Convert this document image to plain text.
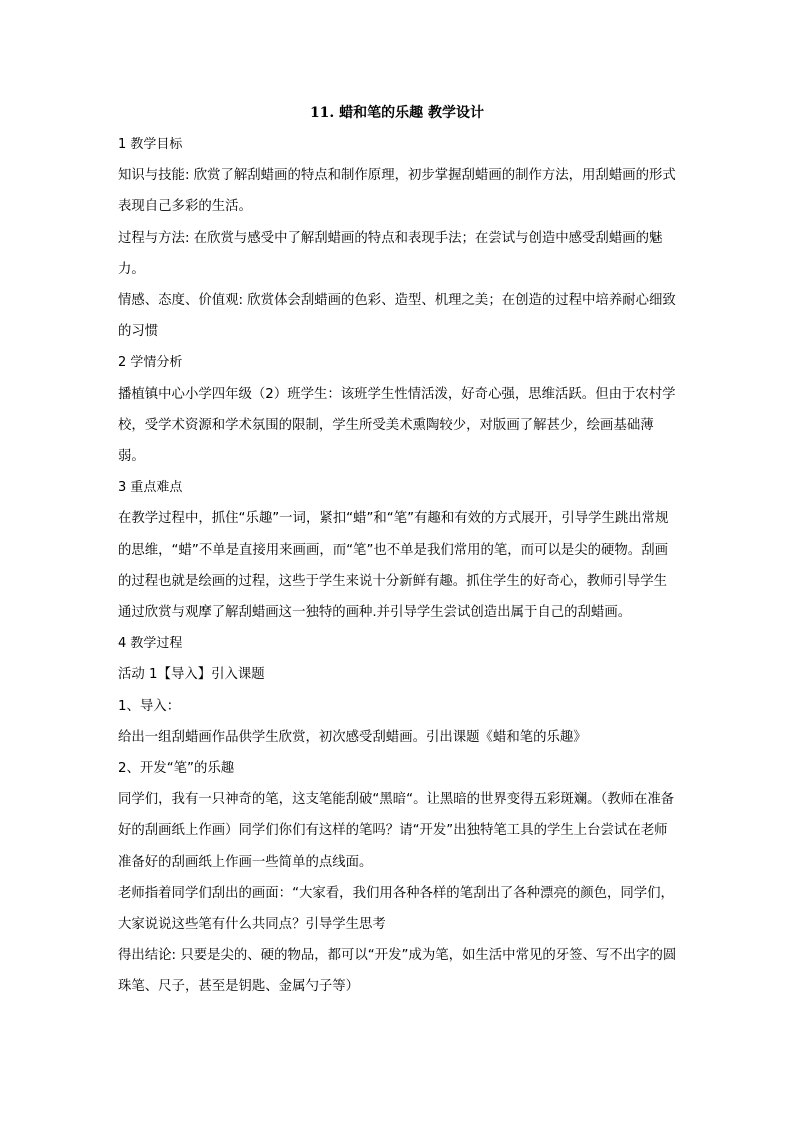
11. 蜡和笔的乐趣 教学设计

1 教学目标

知识与技能: 欣赏了解刮蜡画的特点和制作原理，初步掌握刮蜡画的制作方法，用刮蜡画的形式表现自己多彩的生活。

过程与方法: 在欣赏与感受中了解刮蜡画的特点和表现手法；在尝试与创造中感受刮蜡画的魅力。

情感、态度、价值观: 欣赏体会刮蜡画的色彩、造型、机理之美；在创造的过程中培养耐心细致的习惯

2 学情分析

播植镇中心小学四年级（2）班学生：该班学生性情活泼，好奇心强，思维活跃。但由于农村学校，受学术资源和学术氛围的限制，学生所受美术熏陶较少，对版画了解甚少，绘画基础薄弱。

3 重点难点

在教学过程中，抓住“乐趣”一词，紧扣“蜡”和“笔”有趣和有效的方式展开，引导学生跳出常规的思维，“蜡”不单是直接用来画画，而“笔”也不单是我们常用的笔，而可以是尖的硬物。刮画的过程也就是绘画的过程，这些于学生来说十分新鲜有趣。抓住学生的好奇心，教师引导学生通过欣赏与观摩了解刮蜡画这一独特的画种.并引导学生尝试创造出属于自己的刮蜡画。

4 教学过程

活动 1【导入】引入课题

1、导入：

给出一组刮蜡画作品供学生欣赏，初次感受刮蜡画。引出课题《蜡和笔的乐趣》

2、开发“笔”的乐趣

同学们，我有一只神奇的笔，这支笔能刮破“黑暗“。让黑暗的世界变得五彩斑斓。（教师在准备好的刮画纸上作画）同学们你们有这样的笔吗？请“开发”出独特笔工具的学生上台尝试在老师准备好的刮画纸上作画一些简单的点线面。

老师指着同学们刮出的画面：“大家看，我们用各种各样的笔刮出了各种漂亮的颜色，同学们，大家说说这些笔有什么共同点？引导学生思考

得出结论: 只要是尖的、硬的物品，都可以“开发”成为笔，如生活中常见的牙签、写不出字的圆珠笔、尺子，甚至是钥匙、金属勺子等）
